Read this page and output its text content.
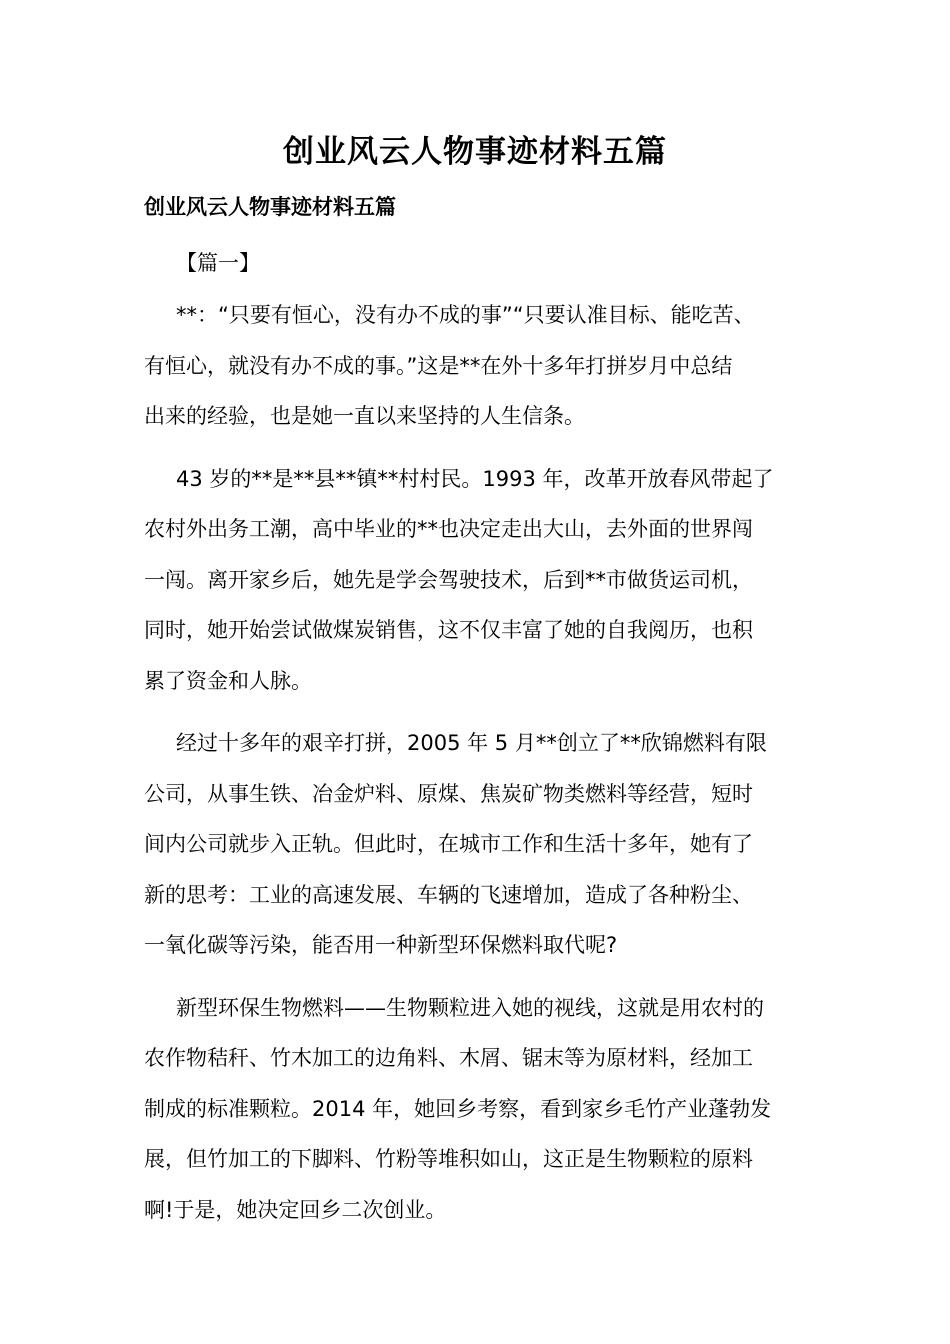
创业风云人物事迹材料五篇
创业风云人物事迹材料五篇
【篇一】

**：“只要有恒心，没有办不成的事”“只要认准目标、能吃苦、
有恒心，就没有办不成的事。”这是**在外十多年打拼岁月中总结
出来的经验，也是她一直以来坚持的人生信条。

43 岁的**是**县**镇**村村民。1993 年，改革开放春风带起了
农村外出务工潮，高中毕业的**也决定走出大山，去外面的世界闯
一闯。离开家乡后，她先是学会驾驶技术，后到**市做货运司机，
同时，她开始尝试做煤炭销售，这不仅丰富了她的自我阅历，也积
累了资金和人脉。

经过十多年的艰辛打拼，2005 年 5 月**创立了**欣锦燃料有限
公司，从事生铁、冶金炉料、原煤、焦炭矿物类燃料等经营，短时
间内公司就步入正轨。但此时，在城市工作和生活十多年，她有了
新的思考：工业的高速发展、车辆的飞速增加，造成了各种粉尘、
一氧化碳等污染，能否用一种新型环保燃料取代呢?

新型环保生物燃料——生物颗粒进入她的视线，这就是用农村的
农作物秸秆、竹木加工的边角料、木屑、锯末等为原材料，经加工
制成的标准颗粒。2014 年，她回乡考察，看到家乡毛竹产业蓬勃发
展，但竹加工的下脚料、竹粉等堆积如山，这正是生物颗粒的原料
啊!于是，她决定回乡二次创业。
